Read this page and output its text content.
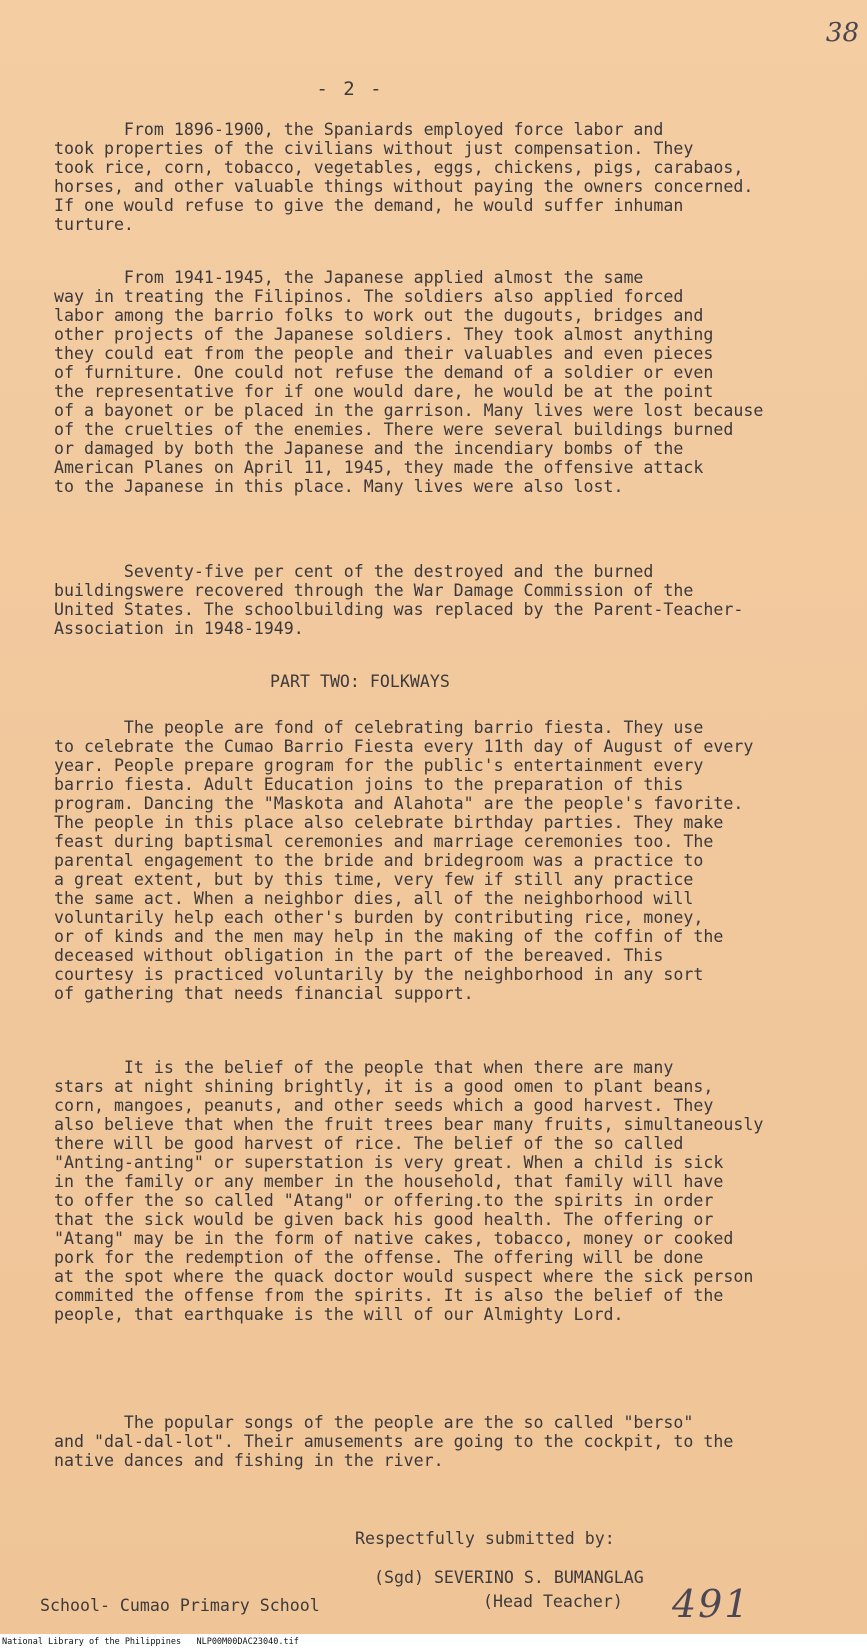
38
- 2 -

From 1896-1900, the Spaniards employed force labor and
took properties of the civilians without just compensation. They
took rice, corn, tobacco, vegetables, eggs, chickens, pigs, carabaos,
horses, and other valuable things without paying the owners concerned.
If one would refuse to give the demand, he would suffer inhuman
turture.

From 1941-1945, the Japanese applied almost the same
way in treating the Filipinos. The soldiers also applied forced
labor among the barrio folks to work out the dugouts, bridges and
other projects of the Japanese soldiers. They took almost anything
they could eat from the people and their valuables and even pieces
of furniture. One could not refuse the demand of a soldier or even
the representative for if one would dare, he would be at the point
of a bayonet or be placed in the garrison. Many lives were lost because
of the cruelties of the enemies. There were several buildings burned
or damaged by both the Japanese and the incendiary bombs of the
American Planes on April 11, 1945, they made the offensive attack
to the Japanese in this place. Many lives were also lost.

Seventy-five per cent of the destroyed and the burned
buildingswere recovered through the War Damage Commission of the
United States. The schoolbuilding was replaced by the Parent-Teacher-
Association in 1948-1949.

PART TWO: FOLKWAYS

The people are fond of celebrating barrio fiesta. They use
to celebrate the Cumao Barrio Fiesta every 11th day of August of every
year. People prepare grogram for the public's entertainment every
barrio fiesta. Adult Education joins to the preparation of this
program. Dancing the "Maskota and Alahota" are the people's favorite.
The people in this place also celebrate birthday parties. They make
feast during baptismal ceremonies and marriage ceremonies too. The
parental engagement to the bride and bridegroom was a practice to
a great extent, but by this time, very few if still any practice
the same act. When a neighbor dies, all of the neighborhood will
voluntarily help each other's burden by contributing rice, money,
or of kinds and the men may help in the making of the coffin of the
deceased without obligation in the part of the bereaved. This
courtesy is practiced voluntarily by the neighborhood in any sort
of gathering that needs financial support.

It is the belief of the people that when there are many
stars at night shining brightly, it is a good omen to plant beans,
corn, mangoes, peanuts, and other seeds which a good harvest. They
also believe that when the fruit trees bear many fruits, simultaneously
there will be good harvest of rice. The belief of the so called
"Anting-anting" or superstation is very great. When a child is sick
in the family or any member in the household, that family will have
to offer the so called "Atang" or offering.to the spirits in order
that the sick would be given back his good health. The offering or
"Atang" may be in the form of native cakes, tobacco, money or cooked
pork for the redemption of the offense. The offering will be done
at the spot where the quack doctor would suspect where the sick person
commited the offense from the spirits. It is also the belief of the
people, that earthquake is the will of our Almighty Lord.

The popular songs of the people are the so called "berso"
and "dal-dal-lot". Their amusements are going to the cockpit, to the
native dances and fishing in the river.

Respectfully submitted by:
(Sgd) SEVERINO S. BUMANGLAG
(Head Teacher)
School- Cumao Primary School	491
National Library of the Philippines   NLP00M00DAC23040.tif
